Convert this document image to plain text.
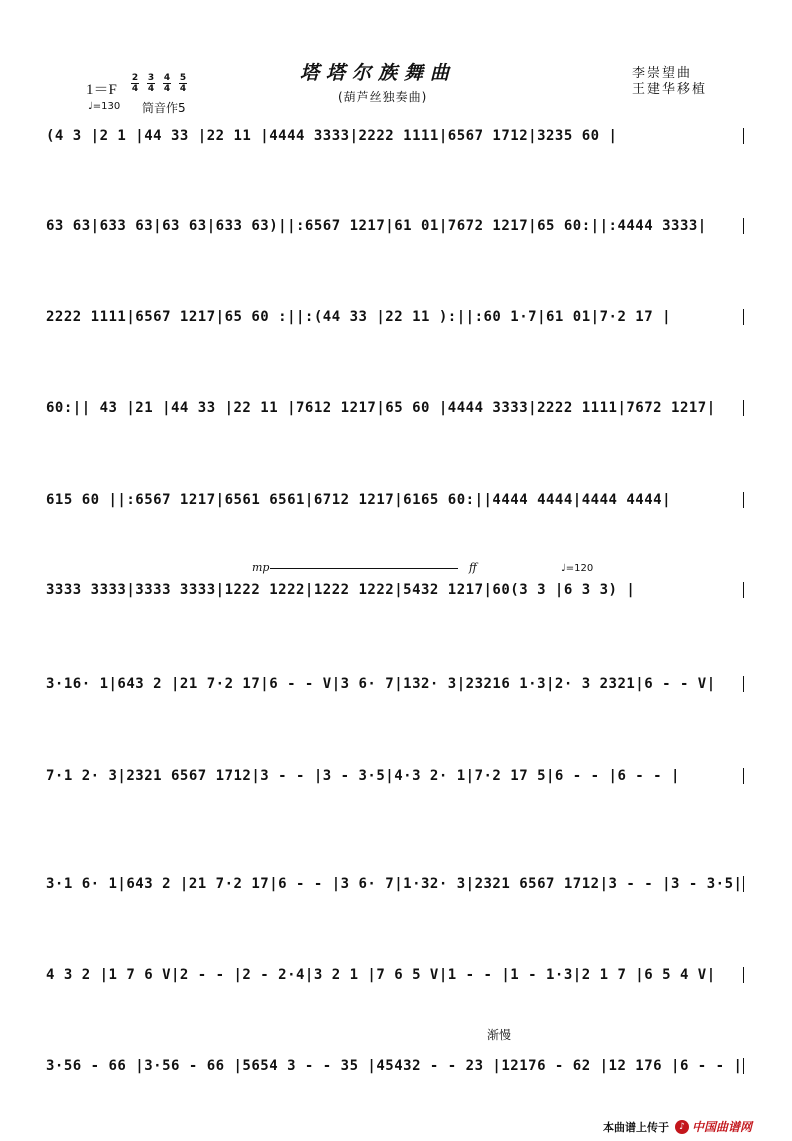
塔塔尔族舞曲
(葫芦丝独奏曲)
李崇望曲
王建华移植
1＝F
2
4
3
4
4
4
5
4
♩=130 筒音作5
(4 3 |2 1 |44 33 |22 11 |4444 3333|2222 1111|6567 1712|3235 60 |
63 63|633 63|63 63|633 63)||:6567 1217|61 01|7672 1217|65 60:||:4444 3333|
2222 1111|6567 1217|65 60 :||:(44 33 |22 11 ):||:60 1·7|61 01|7·2 17 |
60:|| 43 |21 |44 33 |22 11 |7612 1217|65 60 |4444 3333|2222 1111|7672 1217|
615 60 ||:6567 1217|6561 6561|6712 1217|6165 60:||4444 4444|4444 4444|
mp	ff	♩=120
3333 3333|3333 3333|1222 1222|1222 1222|5432 1217|60(3 3 |6 3 3) |
3·16· 1|643 2 |21 7·2 17|6 - - V|3 6· 7|132· 3|23216 1·3|2· 3 2321|6 - - V|
7·1 2· 3|2321 6567 1712|3 - - |3 - 3·5|4·3 2· 1|7·2 17 5|6 - - |6 - - |
3·1 6· 1|643 2 |21 7·2 17|6 - - |3 6· 7|1·32· 3|2321 6567 1712|3 - - |3 - 3·5|
4 3 2 |1 7 6 V|2 - - |2 - 2·4|3 2 1 |7 6 5 V|1 - - |1 - 1·3|2 1 7 |6 5 4 V|
渐慢
3·56 - 66 |3·56 - 66 |5654 3 - - 35 |45432 - - 23 |12176 - 62 |12 176 |6 - - |
本曲谱上传于	♪ 中国曲谱网
